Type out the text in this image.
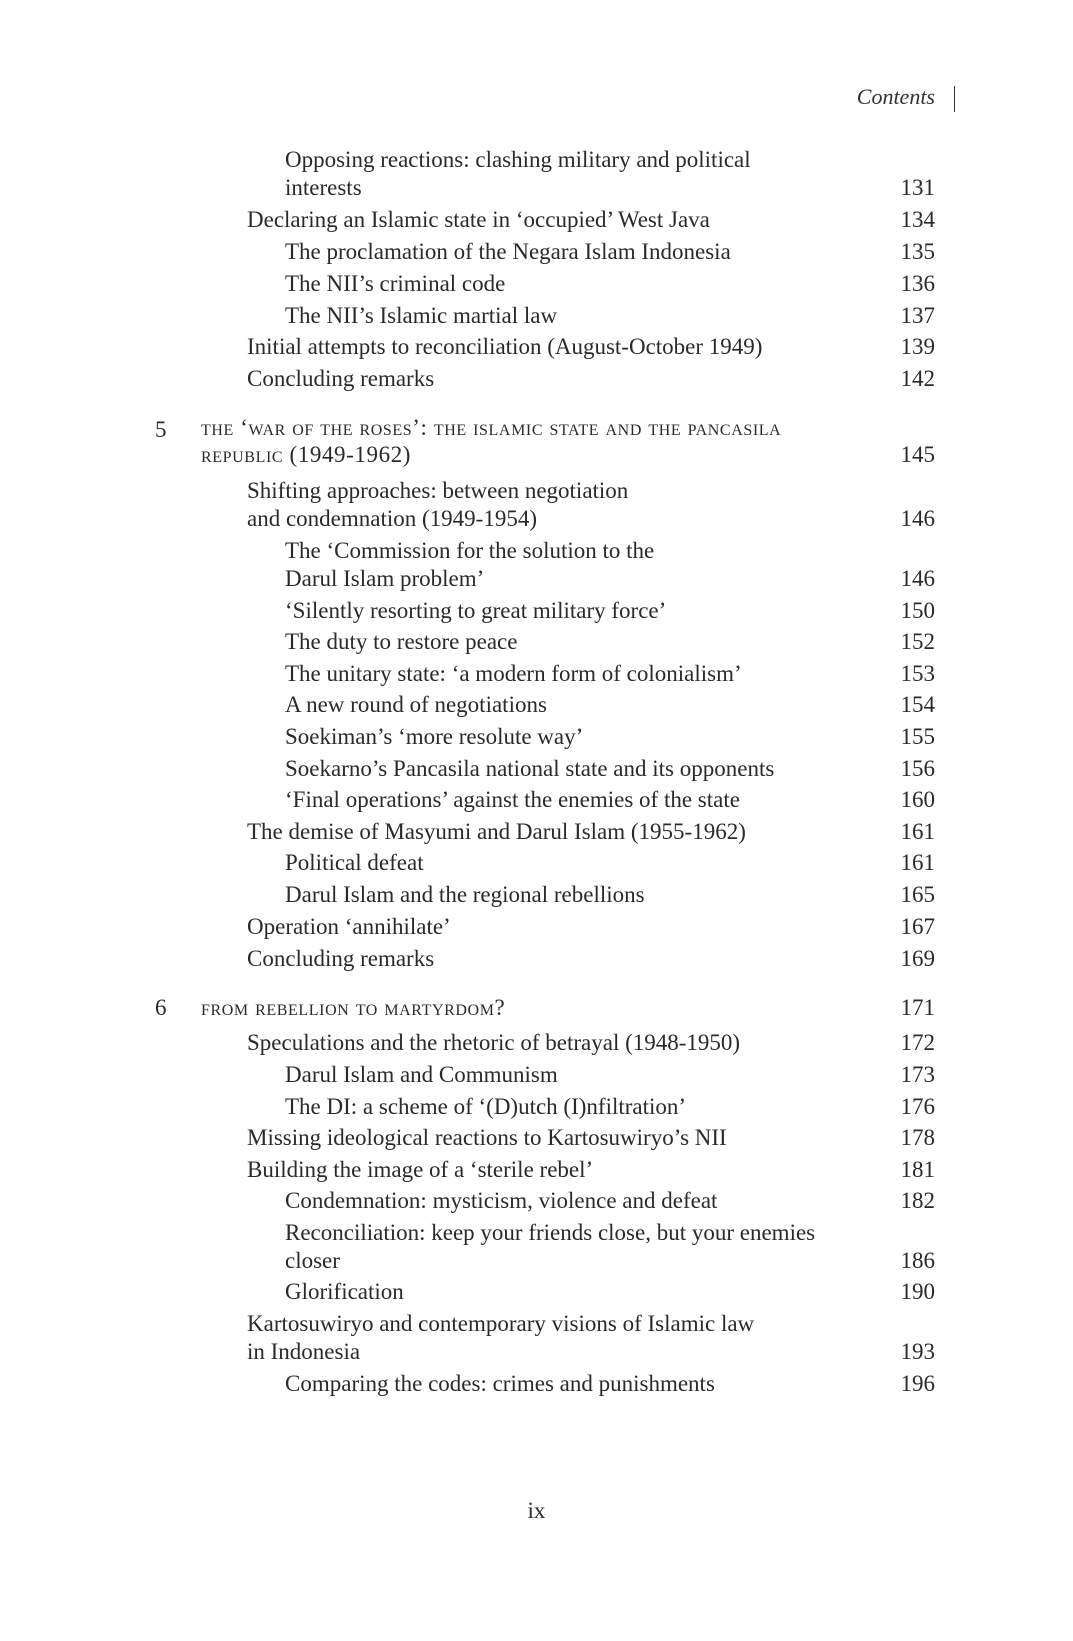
Contents
Opposing reactions: clashing military and political
interests	131
Declaring an Islamic state in ‘occupied’ West Java	134
The proclamation of the Negara Islam Indonesia	135
The NII’s criminal code	136
The NII’s Islamic martial law	137
Initial attempts to reconciliation (August-October 1949)	139
Concluding remarks	142
5 the ‘war of the roses’: the islamic state and the pancasila
republic (1949-1962)	145
Shifting approaches: between negotiation
and condemnation (1949-1954)	146
The ‘Commission for the solution to the
Darul Islam problem’	146
‘Silently resorting to great military force’	150
The duty to restore peace	152
The unitary state: ‘a modern form of colonialism’	153
A new round of negotiations	154
Soekiman’s ‘more resolute way’	155
Soekarno’s Pancasila national state and its opponents	156
‘Final operations’ against the enemies of the state	160
The demise of Masyumi and Darul Islam (1955-1962)	161
Political defeat	161
Darul Islam and the regional rebellions	165
Operation ‘annihilate’	167
Concluding remarks	169
6 from rebellion to martyrdom?	171
Speculations and the rhetoric of betrayal (1948-1950)	172
Darul Islam and Communism	173
The DI: a scheme of ‘(D)utch (I)nfiltration’	176
Missing ideological reactions to Kartosuwiryo’s NII	178
Building the image of a ‘sterile rebel’	181
Condemnation: mysticism, violence and defeat	182
Reconciliation: keep your friends close, but your enemies
closer	186
Glorification	190
Kartosuwiryo and contemporary visions of Islamic law
in Indonesia	193
Comparing the codes: crimes and punishments	196
ix
